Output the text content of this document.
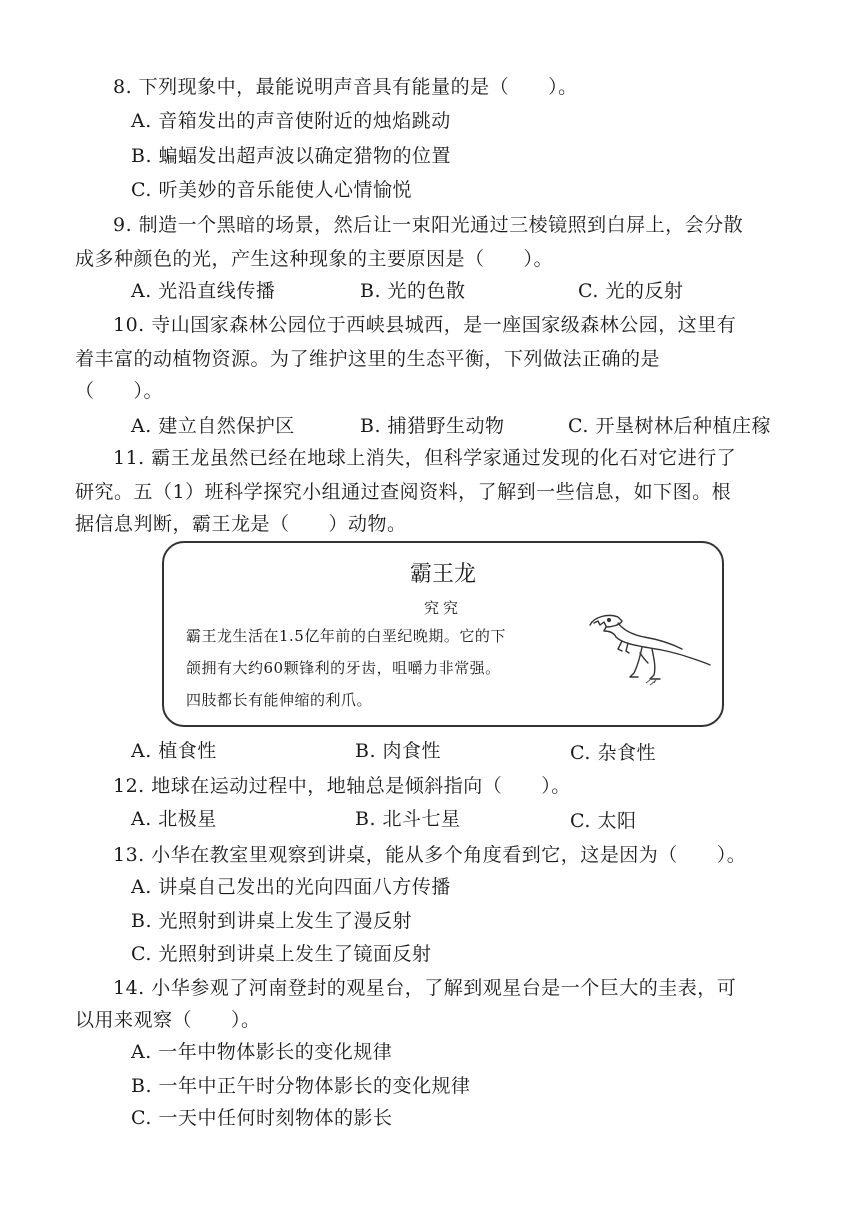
8. 下列现象中，最能说明声音具有能量的是（　　）。
A. 音箱发出的声音使附近的烛焰跳动
B. 蝙蝠发出超声波以确定猎物的位置
C. 听美妙的音乐能使人心情愉悦
9. 制造一个黑暗的场景，然后让一束阳光通过三棱镜照到白屏上，会分散
成多种颜色的光，产生这种现象的主要原因是（　　）。
A. 光沿直线传播	B. 光的色散	C. 光的反射
10. 寺山国家森林公园位于西峡县城西，是一座国家级森林公园，这里有
着丰富的动植物资源。为了维护这里的生态平衡，下列做法正确的是
（　　）。
A. 建立自然保护区	B. 捕猎野生动物	C. 开垦树林后种植庄稼
11. 霸王龙虽然已经在地球上消失，但科学家通过发现的化石对它进行了
研究。五（1）班科学探究小组通过查阅资料，了解到一些信息，如下图。根
据信息判断，霸王龙是（　　）动物。
霸王龙
究究
霸王龙生活在1.5亿年前的白垩纪晚期。它的下
颌拥有大约60颗锋利的牙齿，咀嚼力非常强。
四肢都长有能伸缩的利爪。
A. 植食性	B. 肉食性	C. 杂食性
12. 地球在运动过程中，地轴总是倾斜指向（　　）。
A. 北极星	B. 北斗七星	C. 太阳
13. 小华在教室里观察到讲桌，能从多个角度看到它，这是因为（　　）。
A. 讲桌自己发出的光向四面八方传播
B. 光照射到讲桌上发生了漫反射
C. 光照射到讲桌上发生了镜面反射
14. 小华参观了河南登封的观星台，了解到观星台是一个巨大的圭表，可
以用来观察（　　）。
A. 一年中物体影长的变化规律
B. 一年中正午时分物体影长的变化规律
C. 一天中任何时刻物体的影长
